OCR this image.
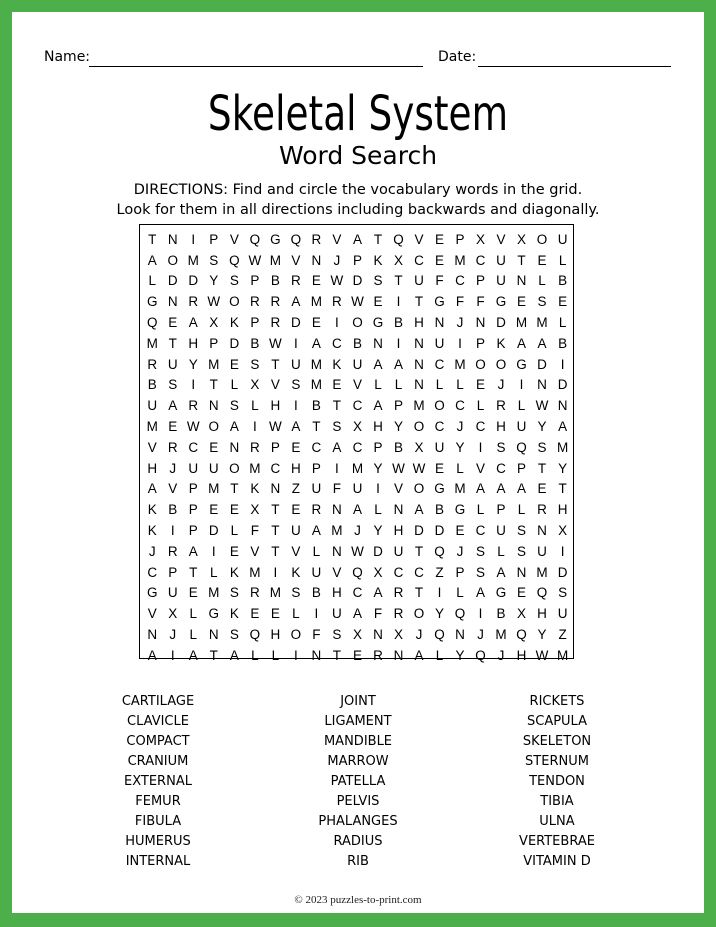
Name:	Date:
Skeletal System
Word Search
DIRECTIONS: Find and circle the vocabulary words in the grid.
Look for them in all directions including backwards and diagonally.
T	N	I	P	V	Q	G	Q	R	V	A	T	Q	V	E	P	X	V	X	O	U
A	O	M	S	Q	W	M	V	N	J	P	K	X	C	E	M	C	U	T	E	L
L	D	D	Y	S	P	B	R	E	W	D	S	T	U	F	C	P	U	N	L	B
G	N	R	W	O	R	R	A	M	R	W	E	I	T	G	F	F	G	E	S	E
Q	E	A	X	K	P	R	D	E	I	O	G	B	H	N	J	N	D	M	M	L
M	T	H	P	D	B	W	I	A	C	B	N	I	N	U	I	P	K	A	A	B
R	U	Y	M	E	S	T	U	M	K	U	A	A	N	C	M	O	O	G	D	I
B	S	I	T	L	X	V	S	M	E	V	L	L	N	L	L	E	J	I	N	D
U	A	R	N	S	L	H	I	B	T	C	A	P	M	O	C	L	R	L	W	N
M	E	W	O	A	I	W	A	T	S	X	H	Y	O	C	J	C	H	U	Y	A
V	R	C	E	N	R	P	E	C	A	C	P	B	X	U	Y	I	S	Q	S	M
H	J	U	U	O	M	C	H	P	I	M	Y	W	W	E	L	V	C	P	T	Y
A	V	P	M	T	K	N	Z	U	F	U	I	V	O	G	M	A	A	A	E	T
K	B	P	E	E	X	T	E	R	N	A	L	N	A	B	G	L	P	L	R	H
K	I	P	D	L	F	T	U	A	M	J	Y	H	D	D	E	C	U	S	N	X
J	R	A	I	E	V	T	V	L	N	W	D	U	T	Q	J	S	L	S	U	I
C	P	T	L	K	M	I	K	U	V	Q	X	C	C	Z	P	S	A	N	M	D
G	U	E	M	S	R	M	S	B	H	C	A	R	T	I	L	A	G	E	Q	S
V	X	L	G	K	E	E	L	I	U	A	F	R	O	Y	Q	I	B	X	H	U
N	J	L	N	S	Q	H	O	F	S	X	N	X	J	Q	N	J	M	Q	Y	Z
A	I	A	T	A	L	L	I	N	T	E	R	N	A	L	Y	Q	J	H	W	M
CARTILAGE
CLAVICLE
COMPACT
CRANIUM
EXTERNAL
FEMUR
FIBULA
HUMERUS
INTERNAL
JOINT
LIGAMENT
MANDIBLE
MARROW
PATELLA
PELVIS
PHALANGES
RADIUS
RIB
RICKETS
SCAPULA
SKELETON
STERNUM
TENDON
TIBIA
ULNA
VERTEBRAE
VITAMIN D
© 2023 puzzles-to-print.com
